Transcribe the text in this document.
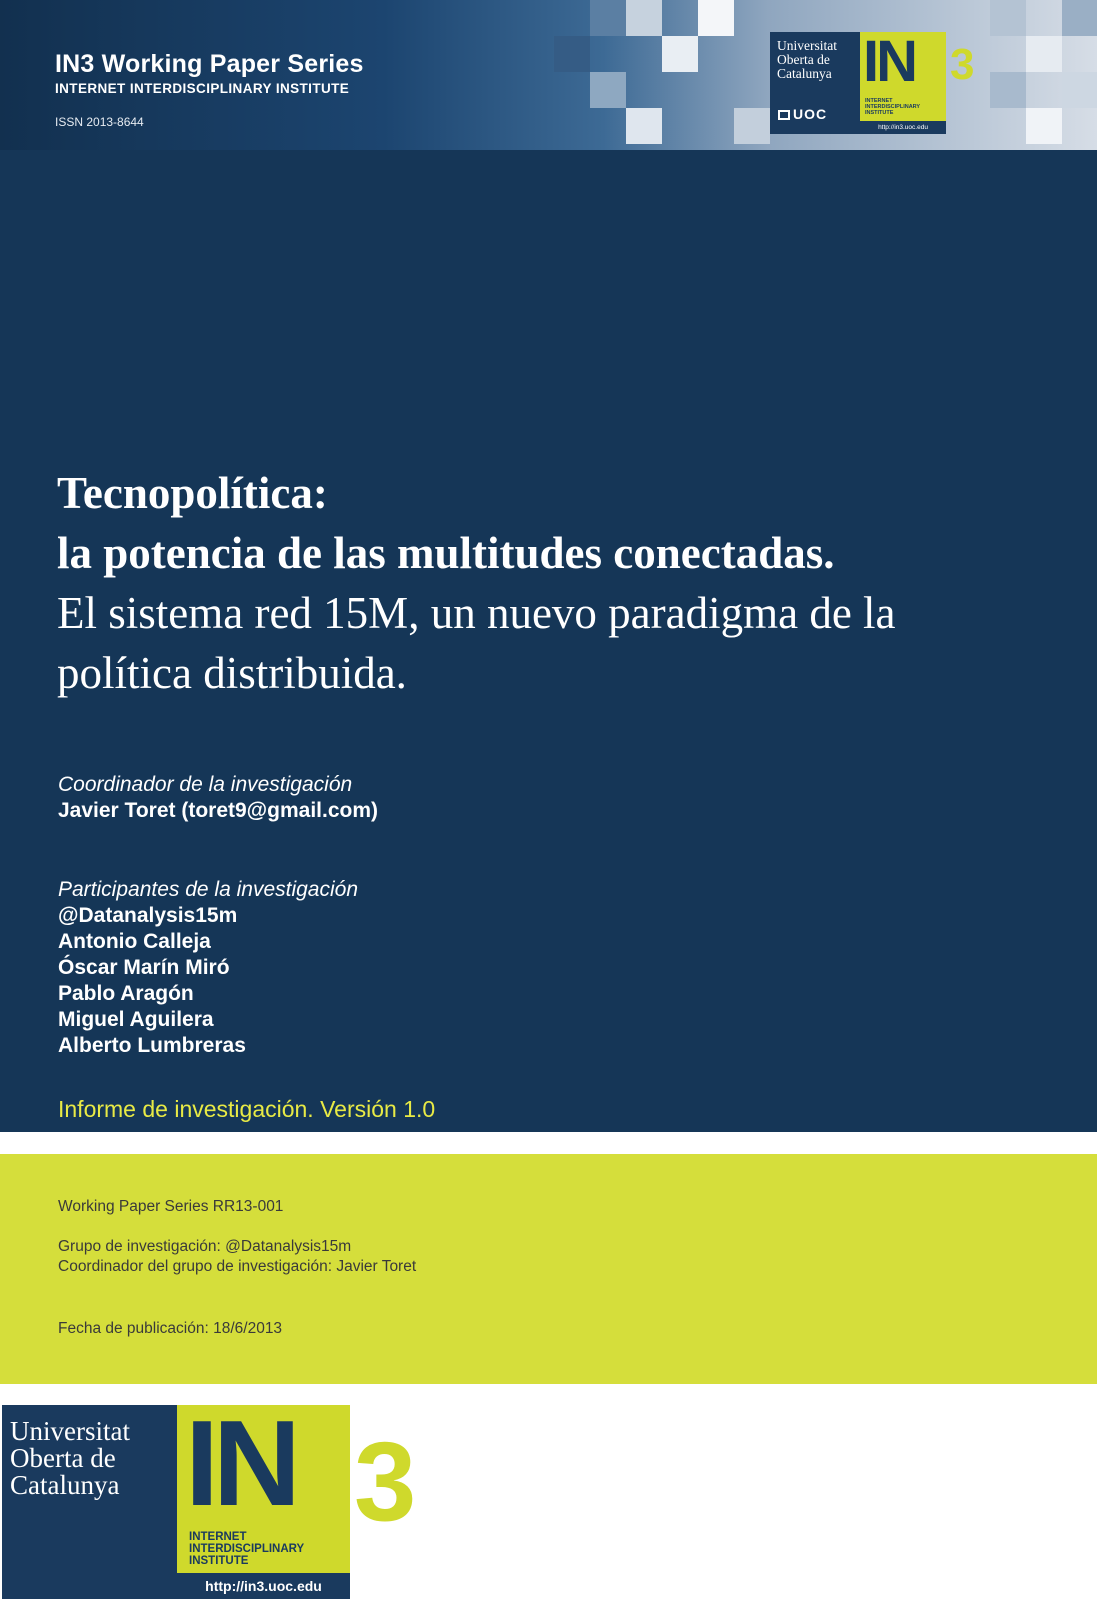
IN3 Working Paper Series
INTERNET INTERDISCIPLINARY INSTITUTE
ISSN 2013-8644
Universitat
Oberta de
Catalunya
UOC
IN
INTERNET
INTERDISCIPLINARY
INSTITUTE
http://in3.uoc.edu
3
Tecnopolítica:
la potencia de las multitudes conectadas.
El sistema red 15M, un nuevo paradigma de la
política distribuida.
Coordinador de la investigación
Javier Toret (toret9@gmail.com)
Participantes de la investigación
@Datanalysis15m
Antonio Calleja
Óscar Marín Miró
Pablo Aragón
Miguel Aguilera
Alberto Lumbreras
Informe de investigación. Versión 1.0
Working Paper Series RR13-001
Grupo de investigación: @Datanalysis15m
Coordinador del grupo de investigación: Javier Toret
Fecha de publicación: 18/6/2013
Universitat
Oberta de
Catalunya IN
INTERNET
INTERDISCIPLINARY
INSTITUTE
http://in3.uoc.edu
3
